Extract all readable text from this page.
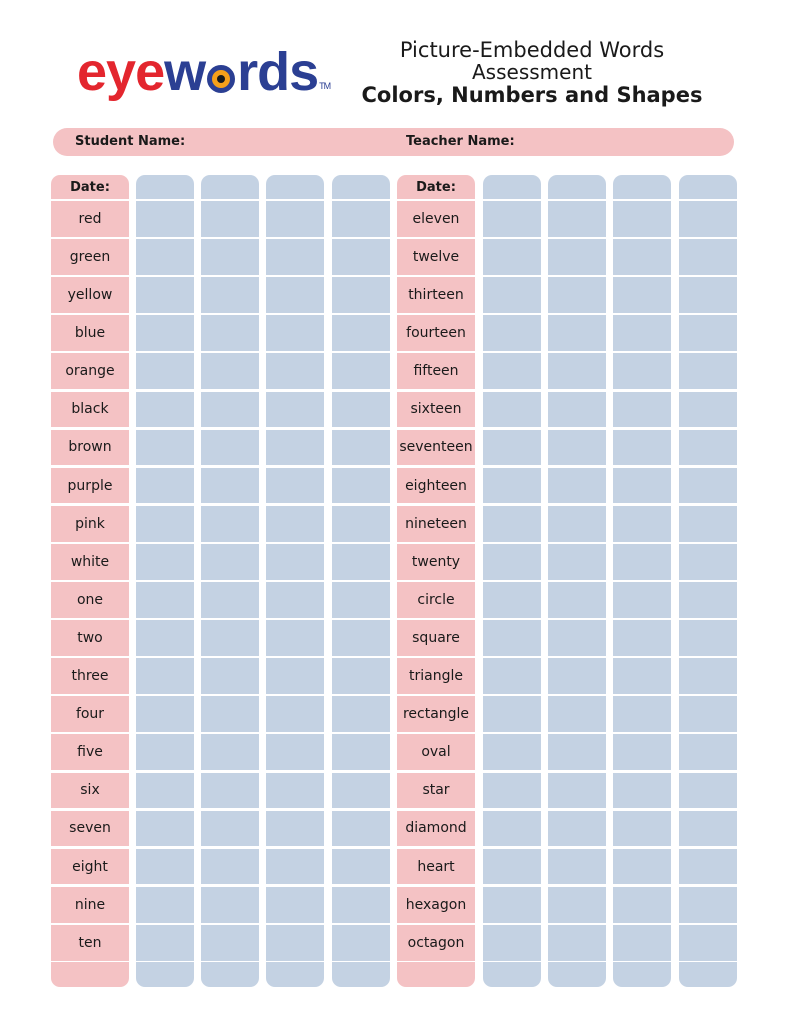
eye w rds TM
Picture-Embedded Words
Assessment
Colors, Numbers and Shapes
Student Name:	Teacher Name:
Date:
red
green
yellow
blue
orange
black
brown
purple
pink
white
one
two
three
four
five
six
seven
eight
nine
ten
Date:
eleven
twelve
thirteen
fourteen
fifteen
sixteen
seventeen
eighteen
nineteen
twenty
circle
square
triangle
rectangle
oval
star
diamond
heart
hexagon
octagon
